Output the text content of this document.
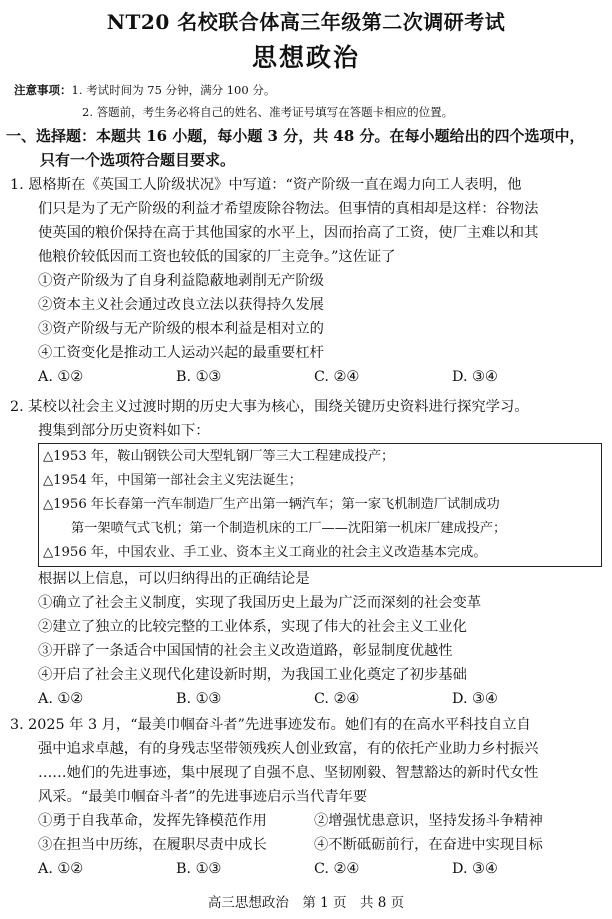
NT20 名校联合体高三年级第二次调研考试
思想政治
注意事项：1. 考试时间为 75 分钟，满分 100 分。
2. 答题前，考生务必将自己的姓名、准考证号填写在答题卡相应的位置。
一、选择题：本题共 16 小题，每小题 3 分，共 48 分。在每小题给出的四个选项中，
只有一个选项符合题目要求。
1. 恩格斯在《英国工人阶级状况》中写道：“资产阶级一直在竭力向工人表明，他
们只是为了无产阶级的利益才希望废除谷物法。但事情的真相却是这样：谷物法
使英国的粮价保持在高于其他国家的水平上，因而抬高了工资，使厂主难以和其
他粮价较低因而工资也较低的国家的厂主竞争。”这佐证了
①资产阶级为了自身利益隐蔽地剥削无产阶级
②资本主义社会通过改良立法以获得持久发展
③资产阶级与无产阶级的根本利益是相对立的
④工资变化是推动工人运动兴起的最重要杠杆
A. ①②	B. ①③	C. ②④	D. ③④
2. 某校以社会主义过渡时期的历史大事为核心，围绕关键历史资料进行探究学习。
搜集到部分历史资料如下：
△1953 年，鞍山钢铁公司大型轧钢厂等三大工程建成投产；
△1954 年，中国第一部社会主义宪法诞生；
△1956 年长春第一汽车制造厂生产出第一辆汽车；第一家飞机制造厂试制成功
第一架喷气式飞机；第一个制造机床的工厂——沈阳第一机床厂建成投产；
△1956 年，中国农业、手工业、资本主义工商业的社会主义改造基本完成。
根据以上信息，可以归纳得出的正确结论是
①确立了社会主义制度，实现了我国历史上最为广泛而深刻的社会变革
②建立了独立的比较完整的工业体系，实现了伟大的社会主义工业化
③开辟了一条适合中国国情的社会主义改造道路，彰显制度优越性
④开启了社会主义现代化建设新时期，为我国工业化奠定了初步基础
A. ①②	B. ①③	C. ②④	D. ③④
3. 2025 年 3 月，“最美巾帼奋斗者”先进事迹发布。她们有的在高水平科技自立自
强中追求卓越，有的身残志坚带领残疾人创业致富，有的依托产业助力乡村振兴
……她们的先进事迹，集中展现了自强不息、坚韧刚毅、智慧豁达的新时代女性
风采。“最美巾帼奋斗者”的先进事迹启示当代青年要
①勇于自我革命，发挥先锋模范作用	②增强忧患意识，坚持发扬斗争精神
③在担当中历练，在履职尽责中成长	④不断砥砺前行，在奋进中实现目标
A. ①②	B. ①③	C. ②④	D. ③④
高三思想政治　第 1 页　共 8 页
